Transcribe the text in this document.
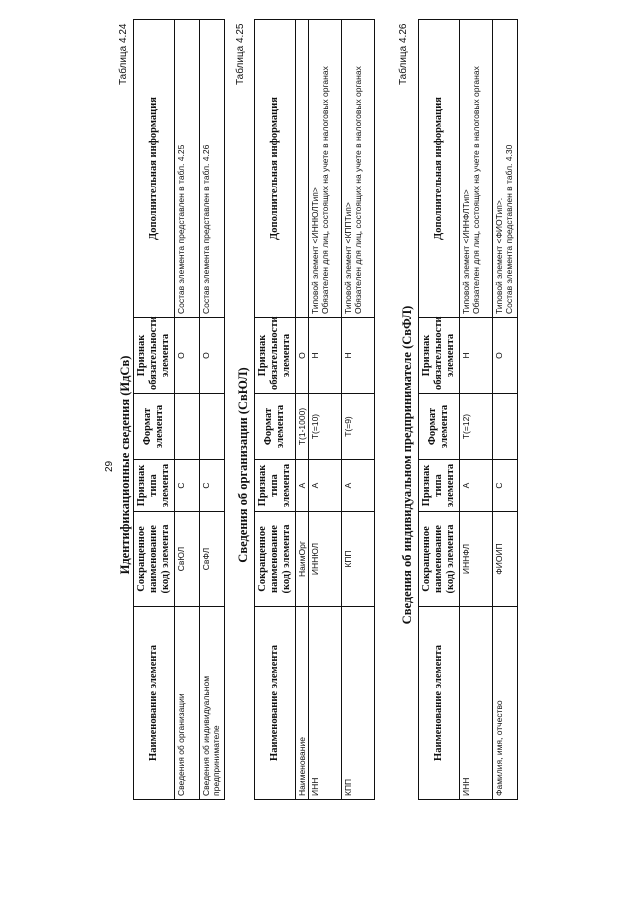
29
Таблица 4.24
Идентификационные сведения (ИдСв)
Наименование элемента	Сокращенное наименование (код) элемента	Признак типа элемента	Формат элемента	Признак обязательности элемента	Дополнительная информация
Сведения об организации	СвЮЛ	С		О	Состав элемента представлен в табл. 4.25
Сведения об индивидуальном предпринимателе	СвФЛ	С		О	Состав элемента представлен в табл. 4.26
Таблица 4.25
Сведения об организации (СвЮЛ)
Наименование элемента	Сокращенное наименование (код) элемента	Признак типа элемента	Формат элемента	Признак обязательности элемента	Дополнительная информация
Наименование	НаимОрг	А	T(1-1000)	О	
ИНН	ИННЮЛ	А	T(=10)	Н	Типовой элемент <ИННЮЛТип>
Обязателен для лиц, состоящих на учете в налоговых органах
КПП	КПП	А	T(=9)	Н	Типовой элемент <КППТип>
Обязателен для лиц, состоящих на учете в налоговых органах
Таблица 4.26
Сведения об индивидуальном предпринимателе (СвФЛ)
Наименование элемента	Сокращенное наименование (код) элемента	Признак типа элемента	Формат элемента	Признак обязательности элемента	Дополнительная информация
ИНН	ИННФЛ	А	T(=12)	Н	Типовой элемент <ИННФЛТип>
Обязателен для лиц, состоящих на учете в налоговых органах
Фамилия, имя, отчество	ФИОИП	С		О	Типовой элемент <ФИОТип>.
Состав элемента представлен в табл. 4.30
